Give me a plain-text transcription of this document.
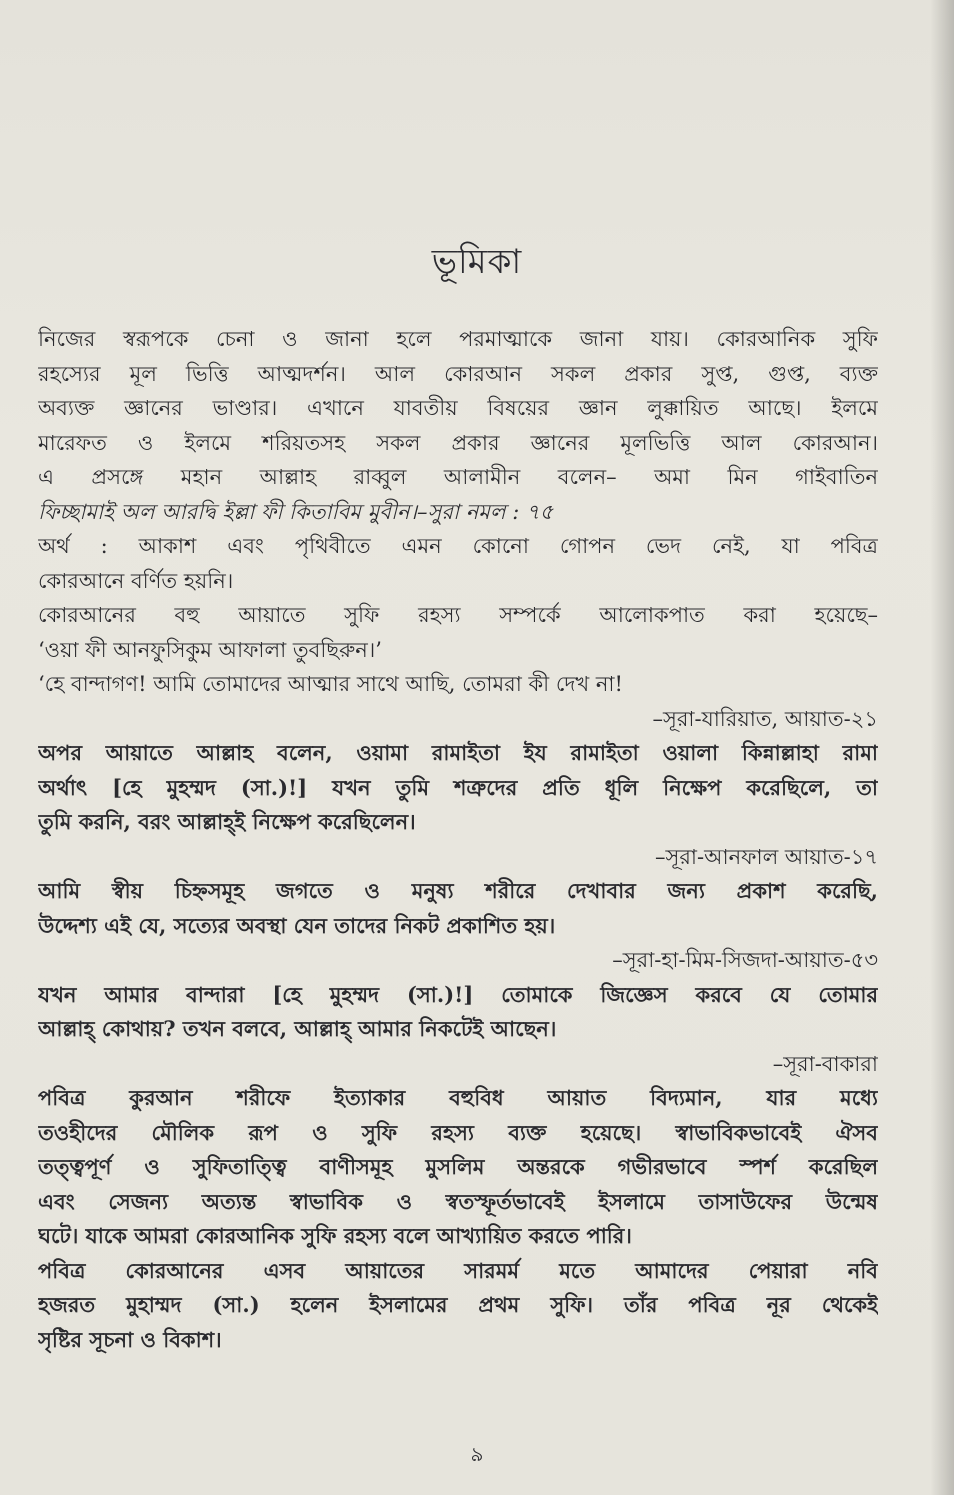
ভূমিকা
নিজের স্বরূপকে চেনা ও জানা হলে পরমাত্মাকে জানা যায়। কোরআনিক সুফি
রহস্যের মূল ভিত্তি আত্মদর্শন। আল কোরআন সকল প্রকার সুপ্ত, গুপ্ত, ব্যক্ত
অব্যক্ত জ্ঞানের ভাণ্ডার। এখানে যাবতীয় বিষয়ের জ্ঞান লুক্কায়িত আছে। ইলমে
মারেফত ও ইলমে শরিয়তসহ সকল প্রকার জ্ঞানের মূলভিত্তি আল কোরআন।
এ প্রসঙ্গে মহান আল্লাহ রাব্বুল আলামীন বলেন– অমা মিন গাইবাতিন
ফিচ্ছামাই অল আরদ্বি ইল্লা ফী কিতাবিম মুবীন।–সুরা নমল : ৭৫
অর্থ : আকাশ এবং পৃথিবীতে এমন কোনো গোপন ভেদ নেই, যা পবিত্র
কোরআনে বর্ণিত হয়নি।
কোরআনের বহু আয়াতে সুফি রহস্য সম্পর্কে আলোকপাত করা হয়েছে–
‘ওয়া ফী আনফুসিকুম আফালা তুবছিরুন।’
‘হে বান্দাগণ! আমি তোমাদের আত্মার সাথে আছি, তোমরা কী দেখ না!
–সূরা-যারিয়াত, আয়াত-২১
অপর আয়াতে আল্লাহ বলেন, ওয়ামা রামাইতা ইয রামাইতা ওয়ালা কিন্নাল্লাহা রামা
অর্থাৎ [হে মুহম্মদ (সা.)!] যখন তুমি শত্রুদের প্রতি ধূলি নিক্ষেপ করেছিলে, তা
তুমি করনি, বরং আল্লাহ্ই নিক্ষেপ করেছিলেন।
–সূরা-আনফাল আয়াত-১৭
আমি স্বীয় চিহ্নসমূহ জগতে ও মনুষ্য শরীরে দেখাবার জন্য প্রকাশ করেছি,
উদ্দেশ্য এই যে, সত্যের অবস্থা যেন তাদের নিকট প্রকাশিত হয়।
–সূরা-হা-মিম-সিজদা-আয়াত-৫৩
যখন আমার বান্দারা [হে মুহম্মদ (সা.)!] তোমাকে জিজ্ঞেস করবে যে তোমার
আল্লাহ্ কোথায়? তখন বলবে, আল্লাহ্ আমার নিকটেই আছেন।
–সূরা-বাকারা
পবিত্র কুরআন শরীফে ইত্যাকার বহুবিধ আয়াত বিদ্যমান, যার মধ্যে
তওহীদের মৌলিক রূপ ও সুফি রহস্য ব্যক্ত হয়েছে। স্বাভাবিকভাবেই ঐসব
তত্ত্বপূর্ণ ও সুফিতাত্ত্বি বাণীসমূহ মুসলিম অন্তরকে গভীরভাবে স্পর্শ করেছিল
এবং সেজন্য অত্যন্ত স্বাভাবিক ও স্বতস্ফূর্তভাবেই ইসলামে তাসাউফের উন্মেষ
ঘটে। যাকে আমরা কোরআনিক সুফি রহস্য বলে আখ্যায়িত করতে পারি।
পবিত্র কোরআনের এসব আয়াতের সারমর্ম মতে আমাদের পেয়ারা নবি
হজরত মুহাম্মদ (সা.) হলেন ইসলামের প্রথম সুফি। তাঁর পবিত্র নূর থেকেই
সৃষ্টির সূচনা ও বিকাশ।
৯
